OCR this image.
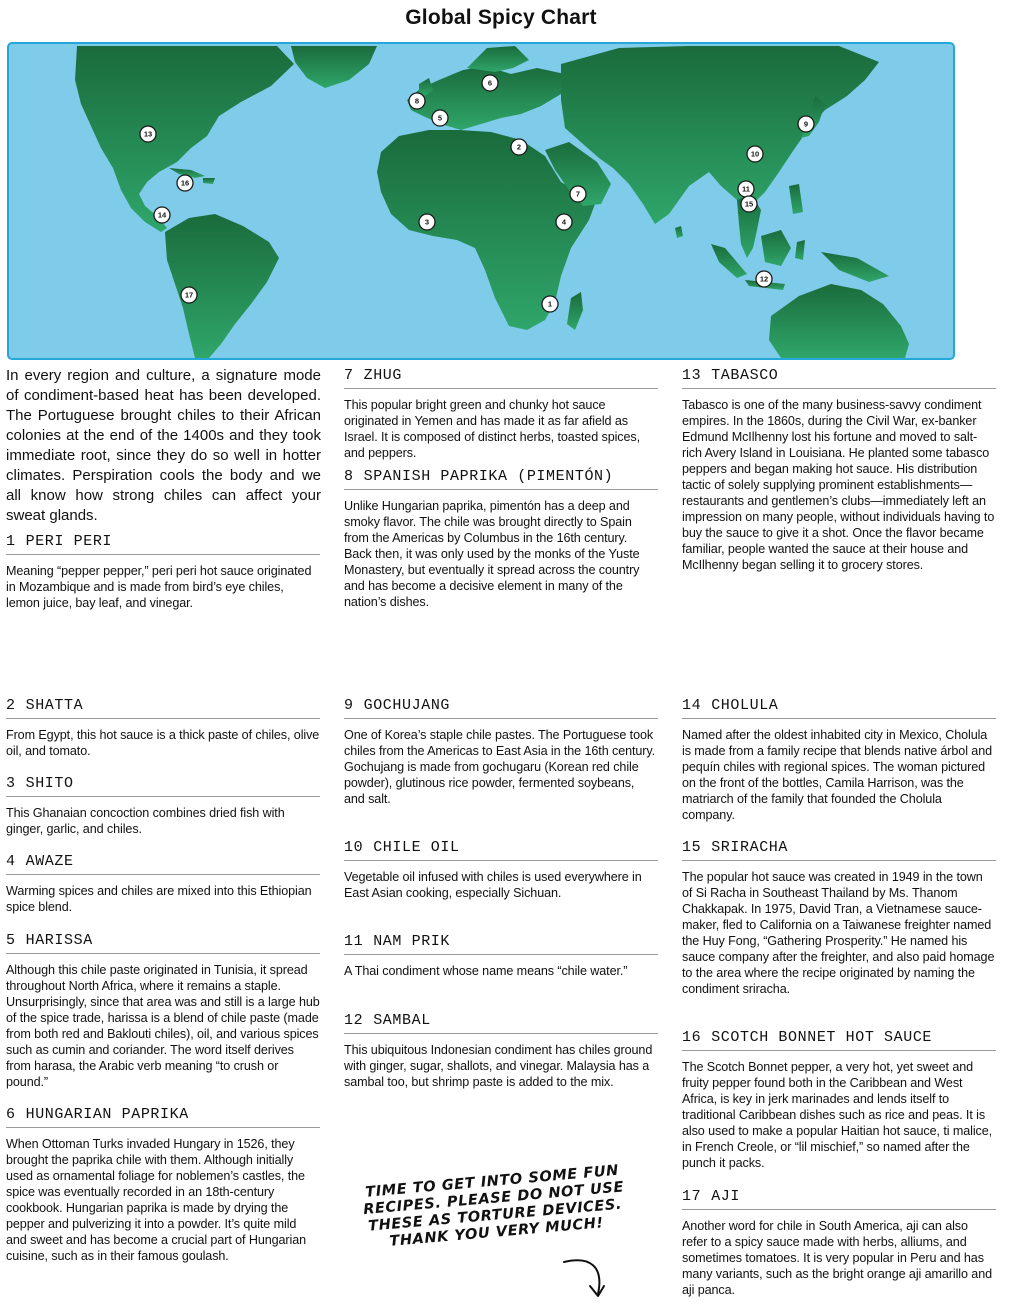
Global Spicy Chart
1
2
3	4
5
6
7
8
9
10
11
12
13
14
15
16
17

In every region and culture, a signature mode of condiment-based heat has been developed. The Portuguese brought chiles to their African colonies at the end of the 1400s and they took immediate root, since they do so well in hotter climates. Perspiration cools the body and we all know how strong chiles can affect your sweat glands.

1 PERI PERI

Meaning “pepper pepper,” peri peri hot sauce originated in Mozambique and is made from bird’s eye chiles, lemon juice, bay leaf, and vinegar.

2 SHATTA

From Egypt, this hot sauce is a thick paste of chiles, olive oil, and tomato.

3 SHITO

This Ghanaian concoction combines dried fish with ginger, garlic, and chiles.

4 AWAZE

Warming spices and chiles are mixed into this Ethiopian spice blend.

5 HARISSA

Although this chile paste originated in Tunisia, it spread throughout North Africa, where it remains a staple. Unsurprisingly, since that area was and still is a large hub of the spice trade, harissa is a blend of chile paste (made from both red and Baklouti chiles), oil, and various spices such as cumin and coriander. The word itself derives from harasa, the Arabic verb meaning “to crush or pound.”

6 HUNGARIAN PAPRIKA

When Ottoman Turks invaded Hungary in 1526, they brought the paprika chile with them. Although initially used as ornamental foliage for noblemen’s castles, the spice was eventually recorded in an 18th-century cookbook. Hungarian paprika is made by drying the pepper and pulverizing it into a powder. It’s quite mild and sweet and has become a crucial part of Hungarian cuisine, such as in their famous goulash.

7 ZHUG

This popular bright green and chunky hot sauce originated in Yemen and has made it as far afield as Israel. It is composed of distinct herbs, toasted spices, and peppers.

8 SPANISH PAPRIKA (PIMENTÓN)

Unlike Hungarian paprika, pimentón has a deep and smoky flavor. The chile was brought directly to Spain from the Americas by Columbus in the 16th century. Back then, it was only used by the monks of the Yuste Monastery, but eventually it spread across the country and has become a decisive element in many of the nation’s dishes.

9 GOCHUJANG

One of Korea’s staple chile pastes. The Portuguese took chiles from the Americas to East Asia in the 16th century. Gochujang is made from gochugaru (Korean red chile powder), glutinous rice powder, fermented soybeans, and salt.

10 CHILE OIL

Vegetable oil infused with chiles is used everywhere in East Asian cooking, especially Sichuan.

11 NAM PRIK

A Thai condiment whose name means “chile water.”

12 SAMBAL

This ubiquitous Indonesian condiment has chiles ground with ginger, sugar, shallots, and vinegar. Malaysia has a sambal too, but shrimp paste is added to the mix.

13 TABASCO

Tabasco is one of the many business-savvy condiment empires. In the 1860s, during the Civil War, ex-banker Edmund McIlhenny lost his fortune and moved to salt-rich Avery Island in Louisiana. He planted some tabasco peppers and began making hot sauce. His distribution tactic of solely supplying prominent establishments—restaurants and gentlemen’s clubs—immediately left an impression on many people, without individuals having to buy the sauce to give it a shot. Once the flavor became familiar, people wanted the sauce at their house and McIlhenny began selling it to grocery stores.

14 CHOLULA

Named after the oldest inhabited city in Mexico, Cholula is made from a family recipe that blends native árbol and pequín chiles with regional spices. The woman pictured on the front of the bottles, Camila Harrison, was the matriarch of the family that founded the Cholula company.

15 SRIRACHA

The popular hot sauce was created in 1949 in the town of Si Racha in Southeast Thailand by Ms. Thanom Chakkapak. In 1975, David Tran, a Vietnamese sauce-maker, fled to California on a Taiwanese freighter named the Huy Fong, “Gathering Prosperity.” He named his sauce company after the freighter, and also paid homage to the area where the recipe originated by naming the condiment sriracha.

16 SCOTCH BONNET HOT SAUCE

The Scotch Bonnet pepper, a very hot, yet sweet and fruity pepper found both in the Caribbean and West Africa, is key in jerk marinades and lends itself to traditional Caribbean dishes such as rice and peas. It is also used to make a popular Haitian hot sauce, ti malice, in French Creole, or “lil mischief,” so named after the punch it packs.

17 AJI

Another word for chile in South America, aji can also refer to a spicy sauce made with herbs, alliums, and sometimes tomatoes. It is very popular in Peru and has many variants, such as the bright orange aji amarillo and aji panca.

TIME TO GET INTO SOME FUN RECIPES. PLEASE DO NOT USE THESE AS TORTURE DEVICES. THANK YOU VERY MUCH!
